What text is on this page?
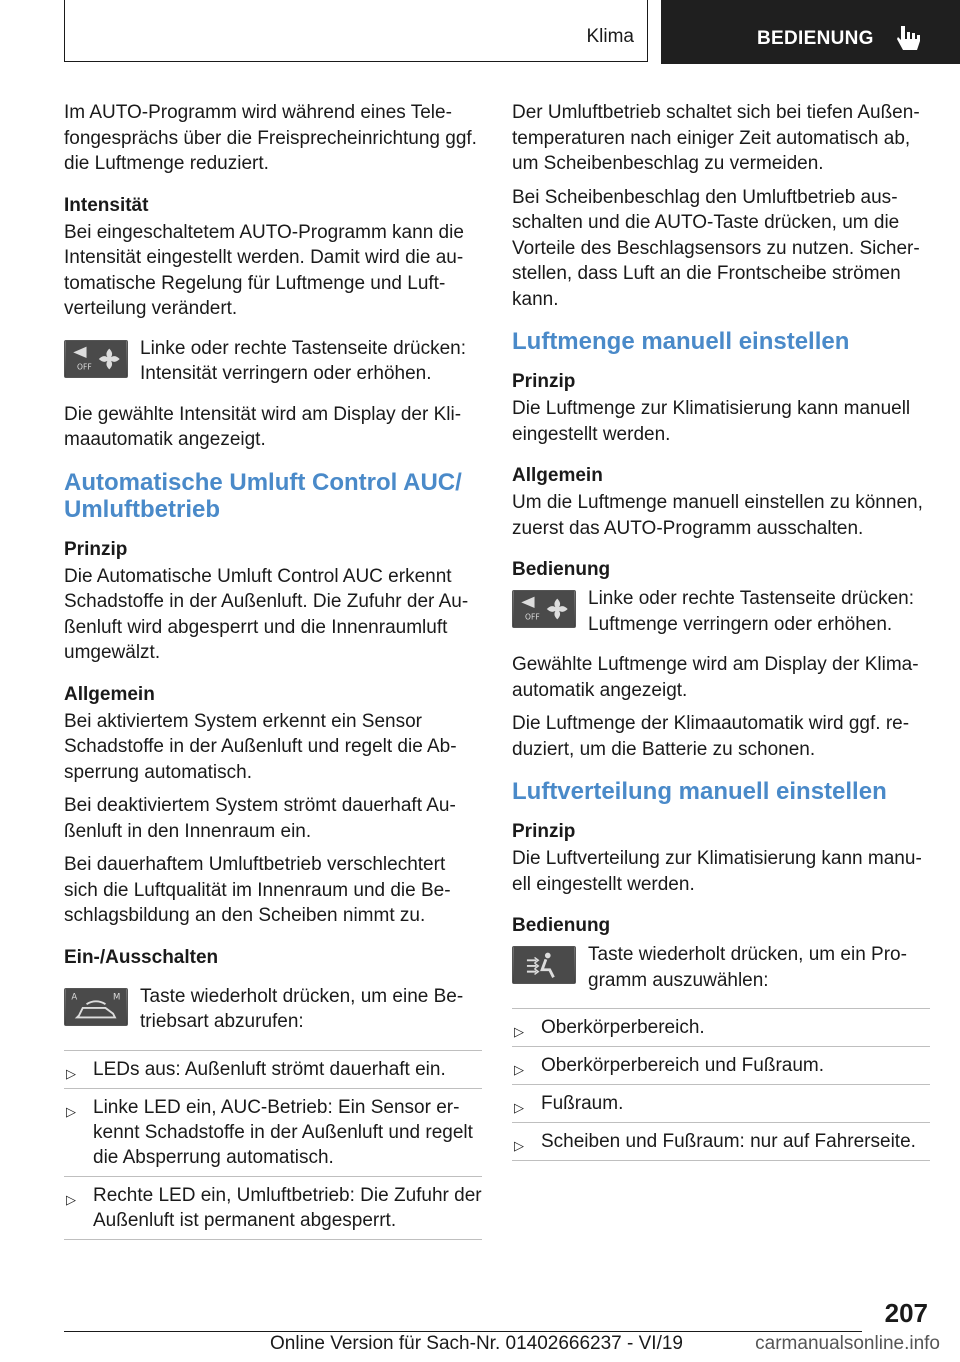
Klima	BEDIENUNG

Im AUTO-Programm wird während eines Telefongesprächs über die Freisprecheinrichtung ggf. die Luftmenge reduziert.

Intensität

Bei eingeschaltetem AUTO-Programm kann die Intensität eingestellt werden. Damit wird die automatische Regelung für Luftmenge und Luftverteilung verändert.

OFF
Linke oder rechte Tastenseite drücken: Intensität verringern oder erhöhen.

Die gewählte Intensität wird am Display der Klimaautomatik angezeigt.

Automatische Umluft Control AUC/ Umluftbetrieb
Prinzip

Die Automatische Umluft Control AUC erkennt Schadstoffe in der Außenluft. Die Zufuhr der Außenluft wird abgesperrt und die Innenraumluft umgewälzt.

Allgemein

Bei aktiviertem System erkennt ein Sensor Schadstoffe in der Außenluft und regelt die Absperrung automatisch.

Bei deaktiviertem System strömt dauerhaft Außenluft in den Innenraum ein.

Bei dauerhaftem Umluftbetrieb verschlechtert sich die Luftqualität im Innenraum und die Beschlagsbildung an den Scheiben nimmt zu.

Ein-/Ausschalten
A	M Taste wiederholt drücken, um eine Betriebsart abzurufen:
▷ LEDs aus: Außenluft strömt dauerhaft ein.
▷ Linke LED ein, AUC-Betrieb: Ein Sensor erkennt Schadstoffe in der Außenluft und regelt die Absperrung automatisch.
▷ Rechte LED ein, Umluftbetrieb: Die Zufuhr der Außenluft ist permanent abgesperrt.

Der Umluftbetrieb schaltet sich bei tiefen Außentemperaturen nach einiger Zeit automatisch ab, um Scheibenbeschlag zu vermeiden.

Bei Scheibenbeschlag den Umluftbetrieb ausschalten und die AUTO-Taste drücken, um die Vorteile des Beschlagsensors zu nutzen. Sicherstellen, dass Luft an die Frontscheibe strömen kann.

Luftmenge manuell einstellen
Prinzip

Die Luftmenge zur Klimatisierung kann manuell eingestellt werden.

Allgemein

Um die Luftmenge manuell einstellen zu können, zuerst das AUTO-Programm ausschalten.

Bedienung
OFF
Linke oder rechte Tastenseite drücken: Luftmenge verringern oder erhöhen.

Gewählte Luftmenge wird am Display der Klimaautomatik angezeigt.

Die Luftmenge der Klimaautomatik wird ggf. reduziert, um die Batterie zu schonen.

Luftverteilung manuell einstellen
Prinzip

Die Luftverteilung zur Klimatisierung kann manuell eingestellt werden.

Bedienung
Taste wiederholt drücken, um ein Programm auszuwählen:
▷ Oberkörperbereich.
▷ Oberkörperbereich und Fußraum.
▷ Fußraum.
▷ Scheiben und Fußraum: nur auf Fahrerseite.
207
Online Version für Sach-Nr. 01402666237 - VI/19	carmanualsonline.info
